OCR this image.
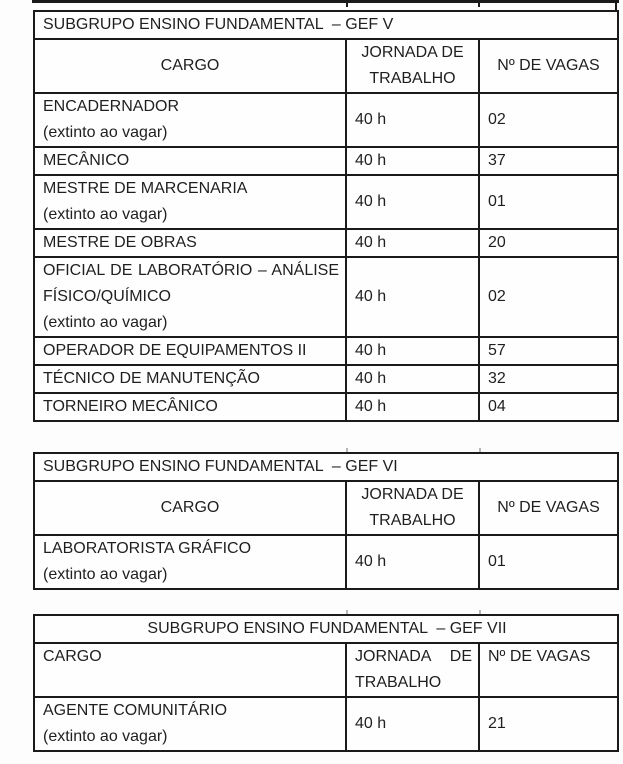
SUBGRUPO ENSINO FUNDAMENTAL  – GEF V		
CARGO	JORNADA DE TRABALHO	Nº DE VAGAS

ENCADERNADOR
(extinto ao vagar)	40 h	02

MECÂNICO	40 h	37

MESTRE DE MARCENARIA
(extinto ao vagar)	40 h	01

MESTRE DE OBRAS	40 h	20

OFICIAL DE LABORATÓRIO – ANÁLISE FÍSICO/QUÍMICO
(extinto ao vagar)	40 h	02

OPERADOR DE EQUIPAMENTOS II	40 h	57

TÉCNICO DE MANUTENÇÃO	40 h	32

TORNEIRO MECÂNICO	40 h	04
SUBGRUPO ENSINO FUNDAMENTAL  – GEF VI		
CARGO	JORNADA DE TRABALHO	Nº DE VAGAS

LABORATORISTA GRÁFICO
(extinto ao vagar)	40 h	01
SUBGRUPO ENSINO FUNDAMENTAL  – GEF VII		
CARGO	JORNADA DE TRABALHO	Nº DE VAGAS

AGENTE COMUNITÁRIO
(extinto ao vagar)	40 h	21
